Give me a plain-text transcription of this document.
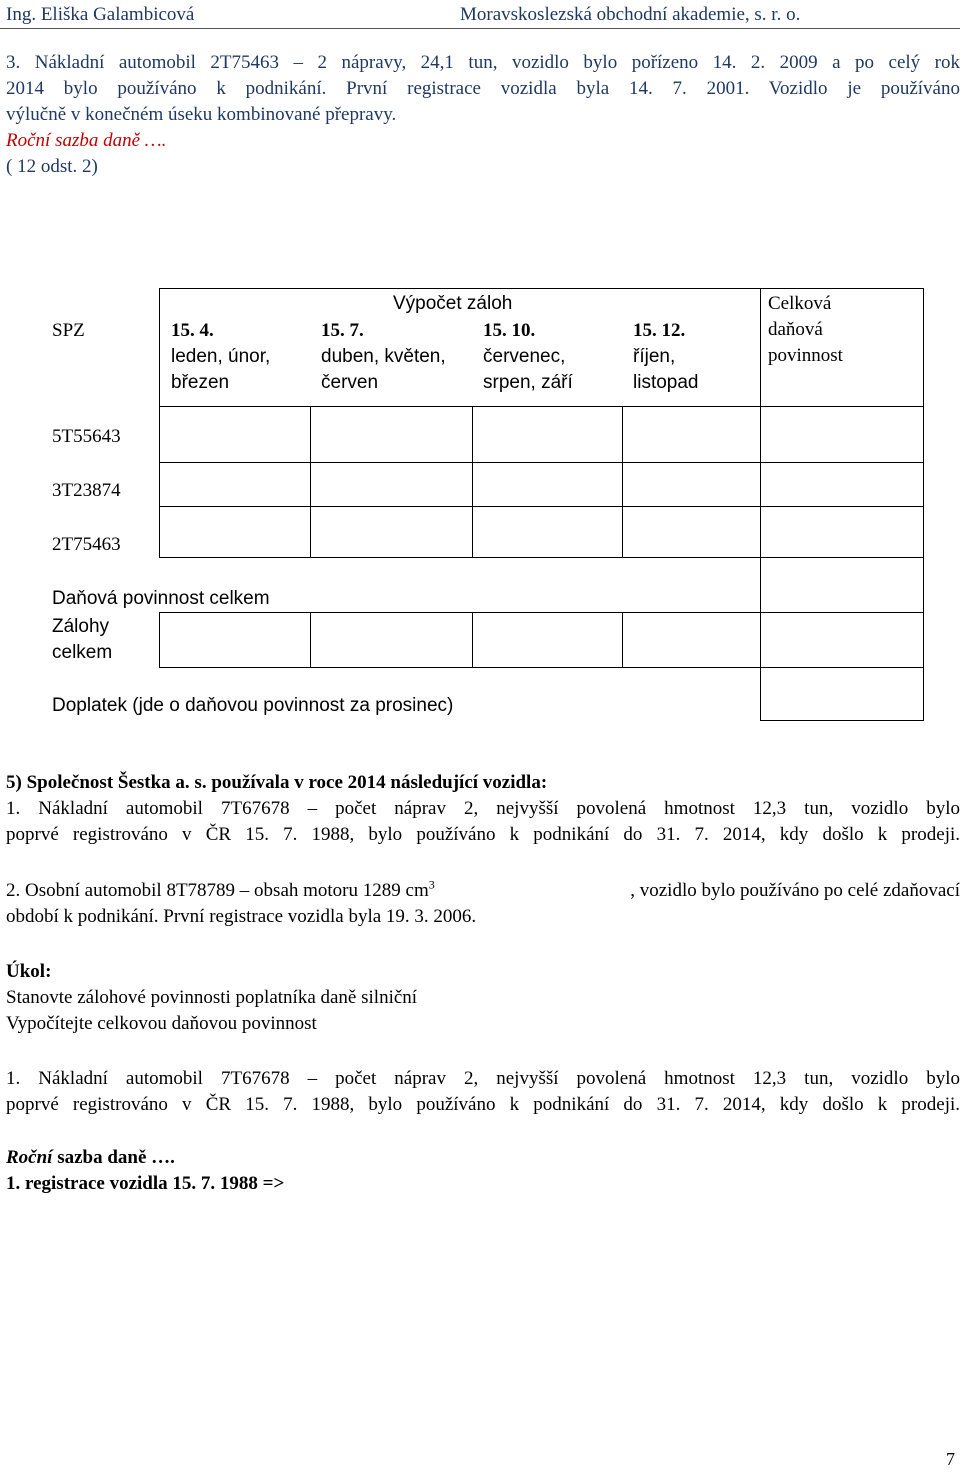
Ing. Eliška Galambicová	Moravskoslezská obchodní akademie, s. r. o.
3. Nákladní automobil 2T75463 – 2 nápravy, 24,1 tun, vozidlo bylo pořízeno 14. 2. 2009 a po celý rok
2014 bylo používáno k podnikání. První registrace vozidla byla 14. 7. 2001. Vozidlo je používáno
výlučně v konečném úseku kombinované přepravy.
Roční sazba daně ….
( 12 odst. 2)
SPZ
Výpočet záloh
15. 4.
leden, únor,
březen
15. 7.
duben, květen,
červen
15. 10.
červenec,
srpen, září
15. 12.
říjen,
listopad
Celková
daňová
povinnost
5T55643
3T23874
2T75463
Daňová povinnost celkem
Zálohy
celkem
Doplatek (jde o daňovou povinnost za prosinec)
5) Společnost Šestka a. s. používala v roce 2014 následující vozidla:
1. Nákladní automobil 7T67678 – počet náprav 2, nejvyšší povolená hmotnost 12,3 tun, vozidlo bylo
poprvé registrováno v ČR 15. 7. 1988, bylo používáno k podnikání do 31. 7. 2014, kdy došlo k prodeji.
2. Osobní automobil 8T78789 – obsah motoru 1289 $cm^3$	, vozidlo bylo používáno po celé zdaňovací
období k podnikání. První registrace vozidla byla 19. 3. 2006.
Úkol:
Stanovte zálohové povinnosti poplatníka daně silniční
Vypočítejte celkovou daňovou povinnost
1. Nákladní automobil 7T67678 – počet náprav 2, nejvyšší povolená hmotnost 12,3 tun, vozidlo bylo
poprvé registrováno v ČR 15. 7. 1988, bylo používáno k podnikání do 31. 7. 2014, kdy došlo k prodeji.
Roční sazba daně ….
1. registrace vozidla 15. 7. 1988 =>
7
